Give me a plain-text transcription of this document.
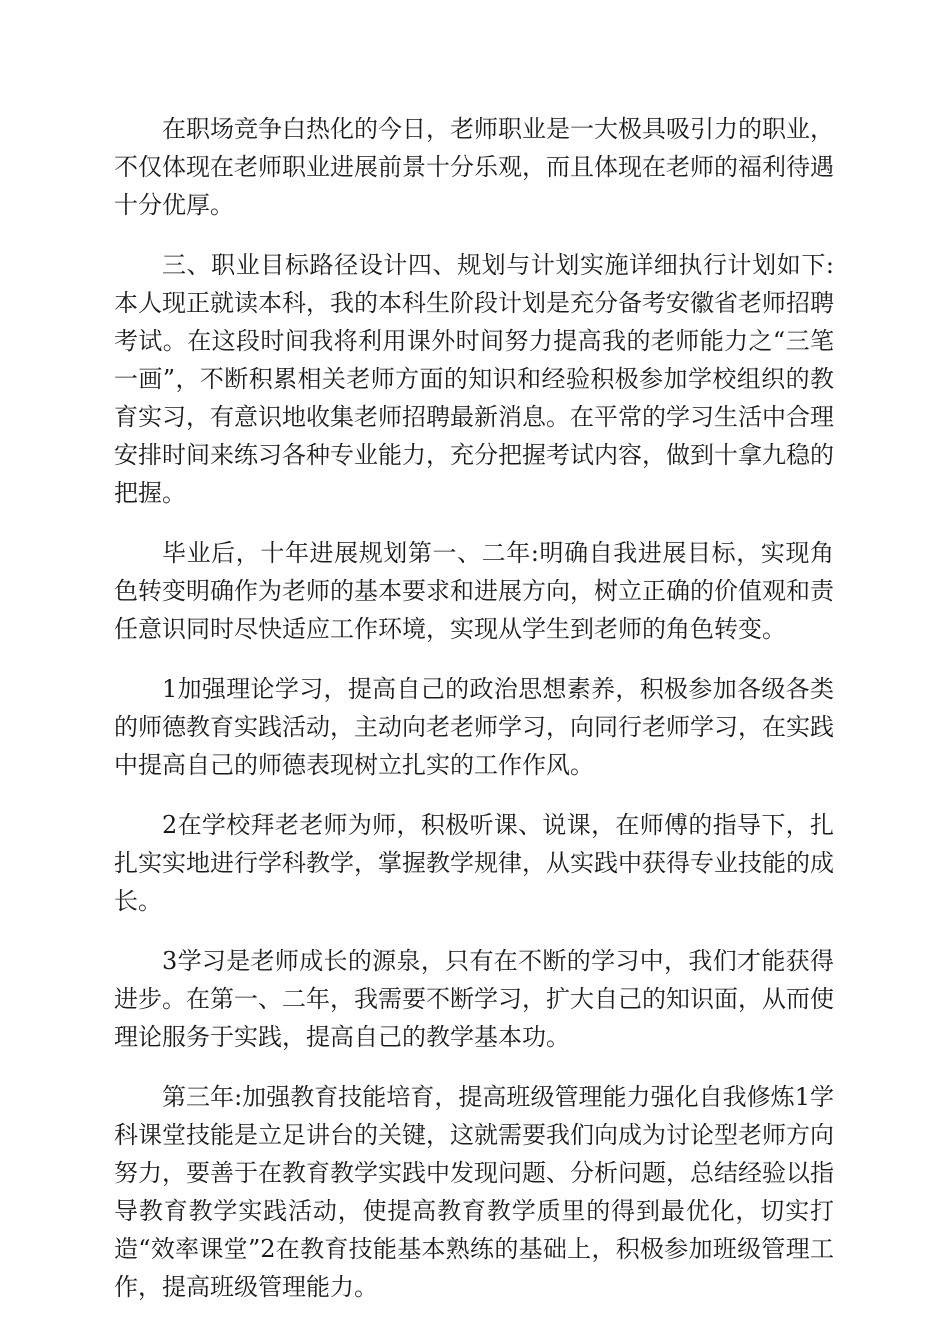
在职场竞争白热化的今日，老师职业是一大极具吸引力的职业，不仅体现在老师职业进展前景十分乐观，而且体现在老师的福利待遇十分优厚。

三、职业目标路径设计四、规划与计划实施详细执行计划如下:本人现正就读本科，我的本科生阶段计划是充分备考安徽省老师招聘考试。在这段时间我将利用课外时间努力提高我的老师能力之“三笔一画”，不断积累相关老师方面的知识和经验积极参加学校组织的教育实习，有意识地收集老师招聘最新消息。在平常的学习生活中合理安排时间来练习各种专业能力，充分把握考试内容，做到十拿九稳的把握。

毕业后，十年进展规划第一、二年:明确自我进展目标，实现角色转变明确作为老师的基本要求和进展方向，树立正确的价值观和责任意识同时尽快适应工作环境，实现从学生到老师的角色转变。

1加强理论学习，提高自己的政治思想素养，积极参加各级各类的师德教育实践活动，主动向老老师学习，向同行老师学习，在实践中提高自己的师德表现树立扎实的工作作风。

2在学校拜老老师为师，积极听课、说课，在师傅的指导下，扎扎实实地进行学科教学，掌握教学规律，从实践中获得专业技能的成长。

3学习是老师成长的源泉，只有在不断的学习中，我们才能获得进步。在第一、二年，我需要不断学习，扩大自己的知识面，从而使理论服务于实践，提高自己的教学基本功。

第三年:加强教育技能培育，提高班级管理能力强化自我修炼1学科课堂技能是立足讲台的关键，这就需要我们向成为讨论型老师方向努力，要善于在教育教学实践中发现问题、分析问题，总结经验以指导教育教学实践活动，使提高教育教学质里的得到最优化，切实打造“效率课堂”2在教育技能基本熟练的基础上，积极参加班级管理工作，提高班级管理能力。
